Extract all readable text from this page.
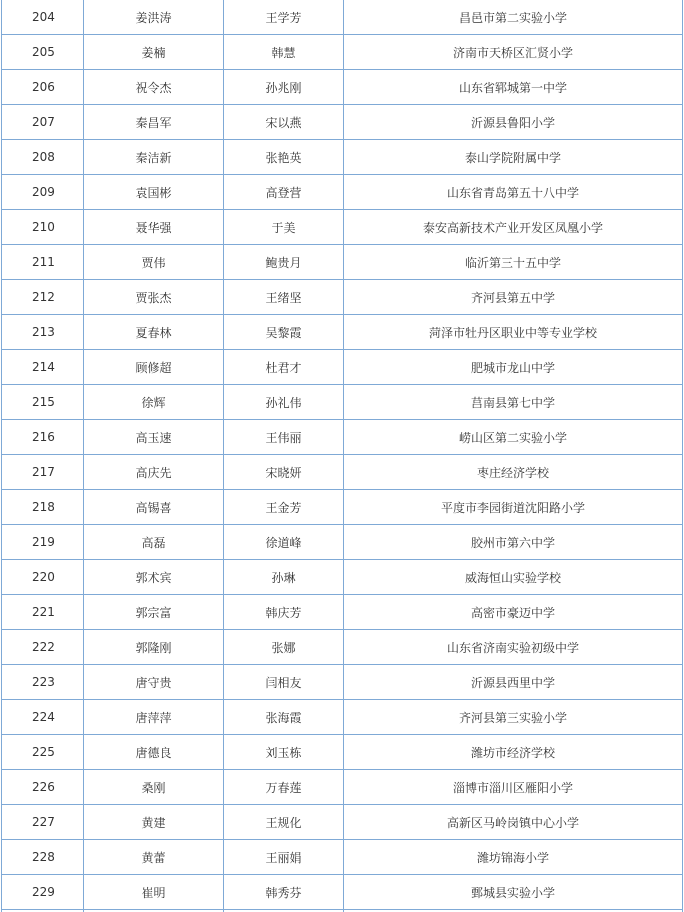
204	姜洪涛	王学芳	昌邑市第二实验小学
205	姜楠	韩慧	济南市天桥区汇贤小学
206	祝令杰	孙兆刚	山东省郓城第一中学
207	秦昌军	宋以燕	沂源县鲁阳小学
208	秦洁新	张艳英	泰山学院附属中学
209	袁国彬	高登营	山东省青岛第五十八中学
210	聂华强	于美	泰安高新技术产业开发区凤凰小学
211	贾伟	鲍贵月	临沂第三十五中学
212	贾张杰	王绪坚	齐河县第五中学
213	夏春林	吴黎霞	菏泽市牡丹区职业中等专业学校
214	顾修超	杜君才	肥城市龙山中学
215	徐辉	孙礼伟	莒南县第七中学
216	高玉速	王伟丽	崂山区第二实验小学
217	高庆先	宋晓妍	枣庄经济学校
218	高锡喜	王金芳	平度市李园街道沈阳路小学
219	高磊	徐道峰	胶州市第六中学
220	郭术宾	孙琳	威海恒山实验学校
221	郭宗富	韩庆芳	高密市豪迈中学
222	郭隆刚	张娜	山东省济南实验初级中学
223	唐守贵	闫相友	沂源县西里中学
224	唐萍萍	张海霞	齐河县第三实验小学
225	唐德良	刘玉栋	潍坊市经济学校
226	桑刚	万春莲	淄博市淄川区雁阳小学
227	黄建	王规化	高新区马岭岗镇中心小学
228	黄蕾	王丽娟	潍坊锦海小学
229	崔明	韩秀芬	鄄城县实验小学
